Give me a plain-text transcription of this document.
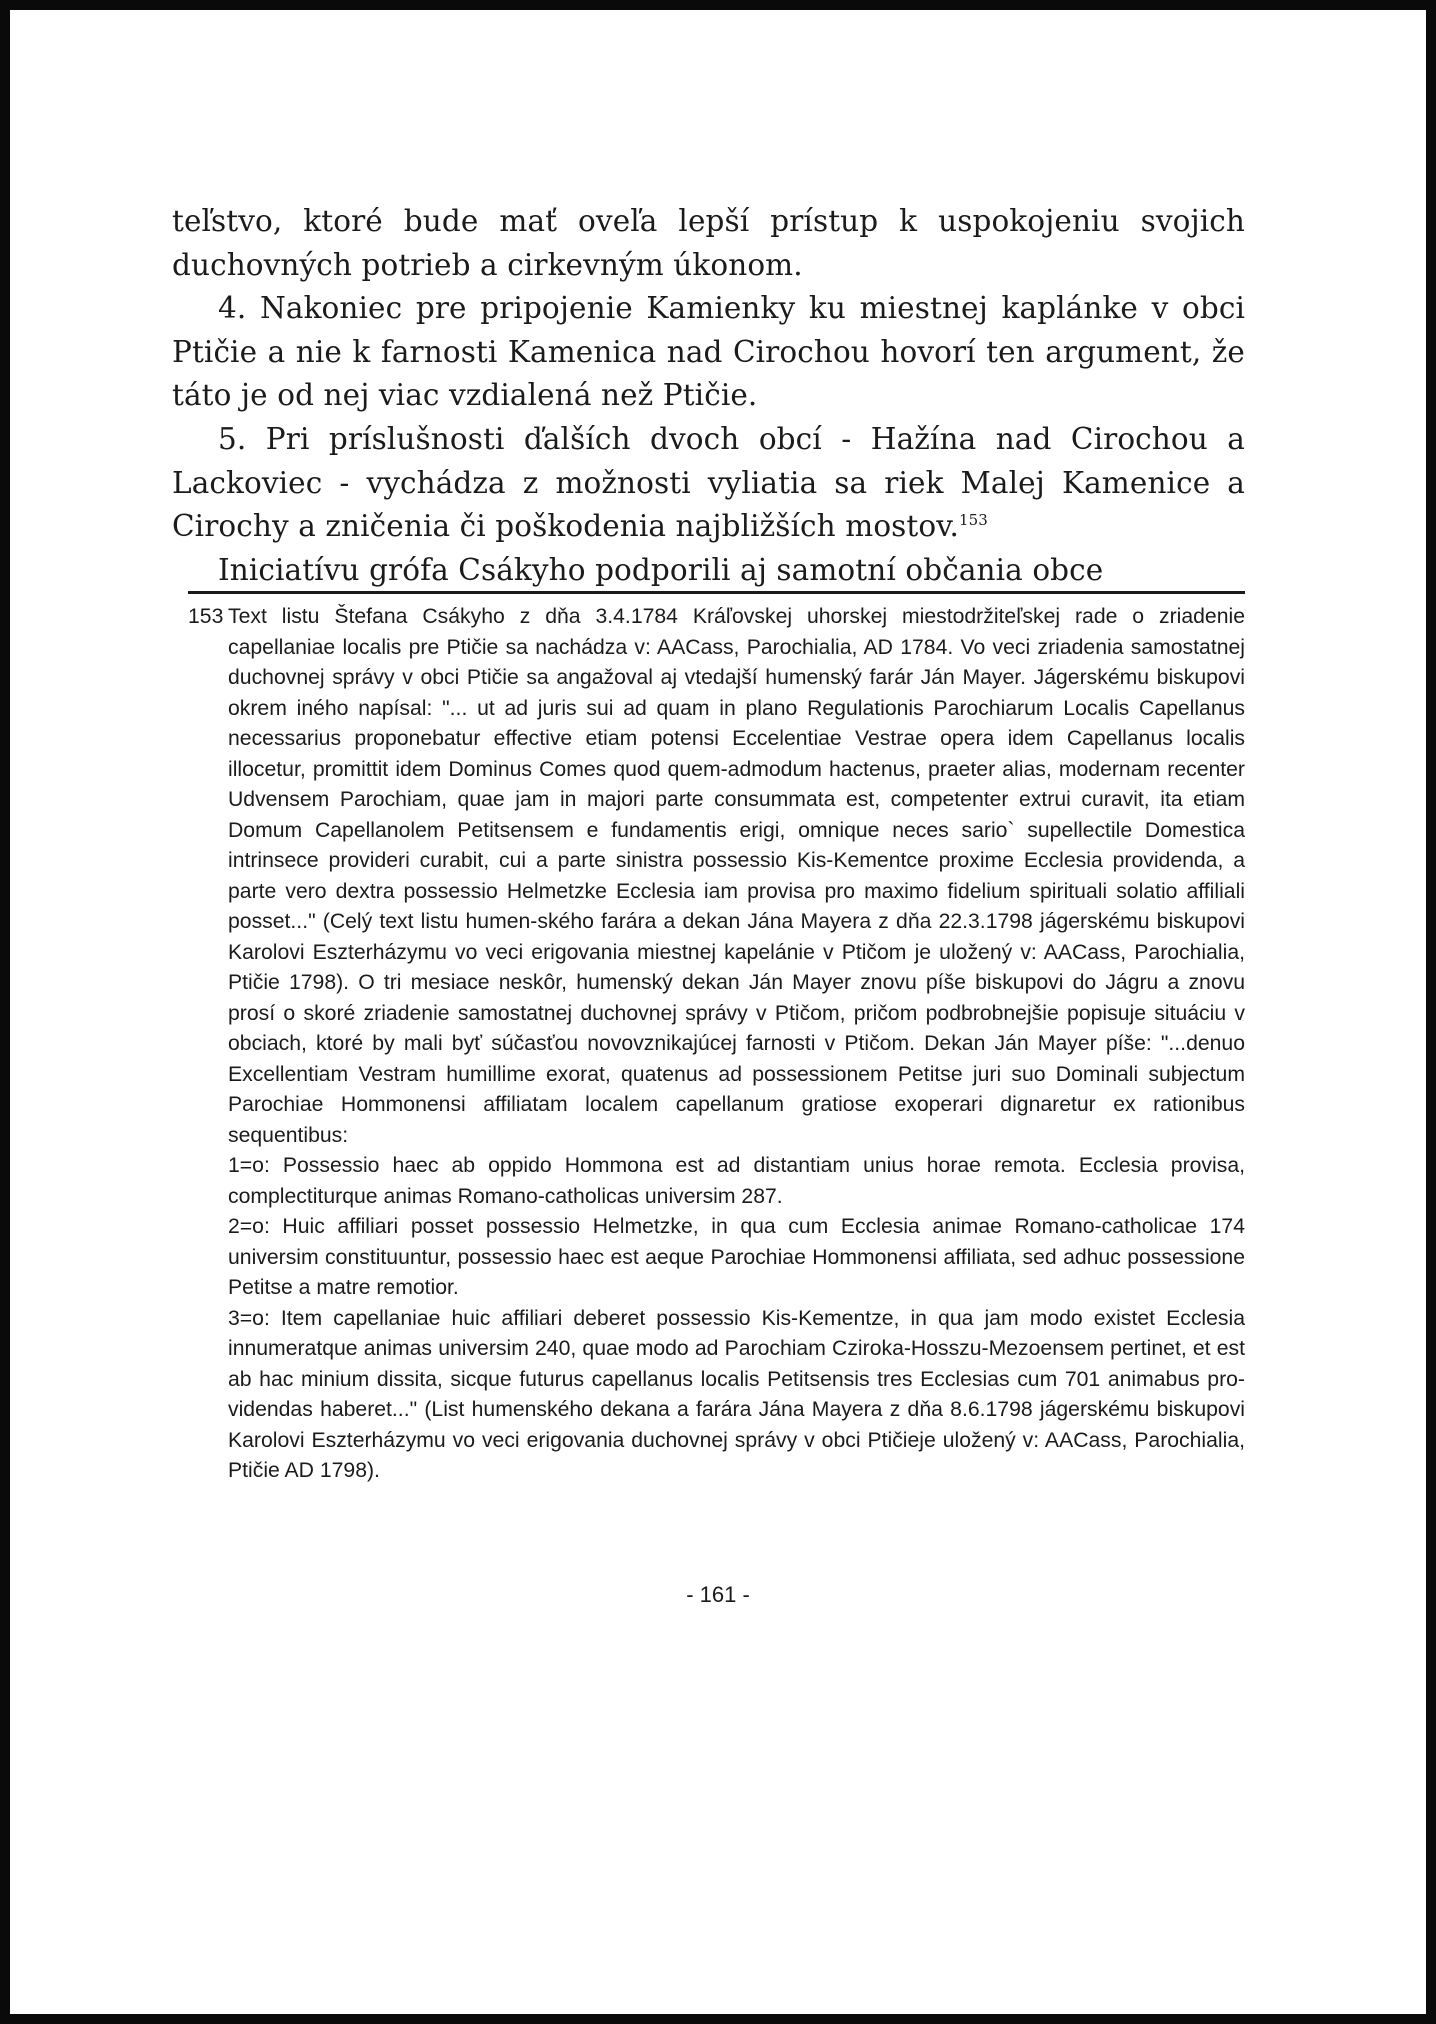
teľstvo, ktoré bude mať oveľa lepší prístup k uspokojeniu svojich duchovných potrieb a cirkevným úkonom.

4. Nakoniec pre pripojenie Kamienky ku miestnej kaplánke v obci Ptičie a nie k farnosti Kamenica nad Cirochou hovorí ten argument, že táto je od nej viac vzdialená než Ptičie.

5. Pri príslušnosti ďalších dvoch obcí - Hažína nad Cirochou a Lackoviec - vychádza z možnosti vyliatia sa riek Malej Kamenice a Cirochy a zničenia či poškodenia najbližších mostov.$^{153}$

Iniciatívu grófa Csákyho podporili aj samotní občania obce

153 Text listu Štefana Csákyho z dňa 3.4.1784 Kráľovskej uhorskej miestodržiteľskej rade o zriadenie capellaniae localis pre Ptičie sa nachádza v: AACass, Parochialia, AD 1784. Vo veci zriadenia samostatnej duchovnej správy v obci Ptičie sa angažoval aj vtedajší humenský farár Ján Mayer. Jágerskému biskupovi okrem iného napísal: "... ut ad juris sui ad quam in plano Regulationis Parochiarum Localis Capellanus necessarius proponebatur effective etiam potensi Eccelentiae Vestrae opera idem Capellanus localis illocetur, promittit idem Dominus Comes quod quem-admodum hactenus, praeter alias, modernam recenter Udvensem Parochiam, quae jam in majori parte consummata est, competenter extrui curavit, ita etiam Domum Capellanolem Petitsensem e fundamentis erigi, omnique neces sario` supellectile Domestica intrinsece provideri curabit, cui a parte sinistra possessio Kis-Kementce proxime Ecclesia providenda, a parte vero dextra possessio Helmetzke Ecclesia iam provisa pro maximo fidelium spirituali solatio affiliali posset..." (Celý text listu humen-ského farára a dekan Jána Mayera z dňa 22.3.1798 jágerskému biskupovi Karolovi Eszterházymu vo veci erigovania miestnej kapelánie v Ptičom je uložený v: AACass, Parochialia, Ptičie 1798). O tri mesiace neskôr, humenský dekan Ján Mayer znovu píše biskupovi do Jágru a znovu prosí o skoré zriadenie samostatnej duchovnej správy v Ptičom, pričom podbrobnejšie popisuje situáciu v obciach, ktoré by mali byť súčasťou novovznikajúcej farnosti v Ptičom. Dekan Ján Mayer píše: "...denuo Excellentiam Vestram humillime exorat, quatenus ad possessionem Petitse juri suo Dominali subjectum Parochiae Hommonensi affiliatam localem capellanum gratiose exoperari dignaretur ex rationibus sequentibus:

1=o: Possessio haec ab oppido Hommona est ad distantiam unius horae remota. Ecclesia provisa, complectiturque animas Romano-catholicas universim 287.

2=o: Huic affiliari posset possessio Helmetzke, in qua cum Ecclesia animae Romano-catholicae 174 universim constituuntur, possessio haec est aeque Parochiae Hommonensi affiliata, sed adhuc possessione Petitse a matre remotior.

3=o: Item capellaniae huic affiliari deberet possessio Kis-Kementze, in qua jam modo existet Ecclesia innumeratque animas universim 240, quae modo ad Parochiam Cziroka-Hosszu-Mezoensem pertinet, et est ab hac minium dissita, sicque futurus capellanus localis Petitsensis tres Ecclesias cum 701 animabus pro-videndas haberet..." (List humenského dekana a farára Jána Mayera z dňa 8.6.1798 jágerskému biskupovi Karolovi Eszterházymu vo veci erigovania duchovnej správy v obci Ptičieje uložený v: AACass, Parochialia, Ptičie AD 1798).

- 161 -
